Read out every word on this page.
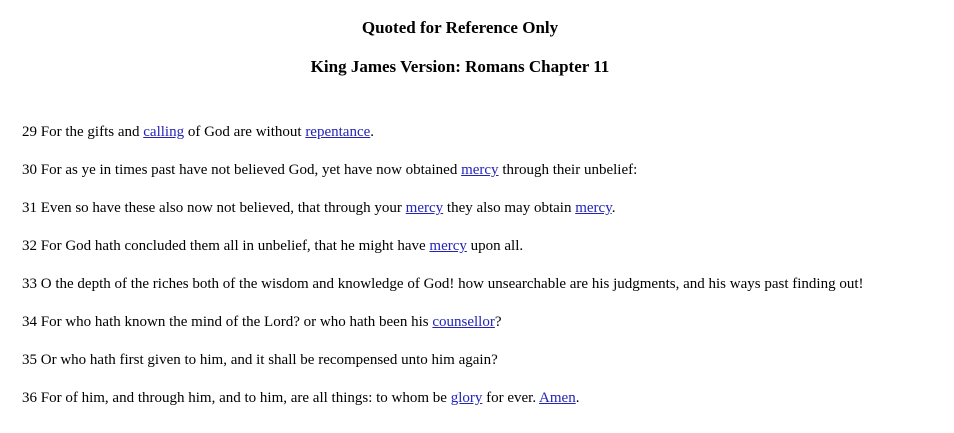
Quoted for Reference Only
King James Version: Romans Chapter 11
29 For the gifts and calling of God are without repentance.
30 For as ye in times past have not believed God, yet have now obtained mercy through their unbelief:
31 Even so have these also now not believed, that through your mercy they also may obtain mercy.
32 For God hath concluded them all in unbelief, that he might have mercy upon all.
33 O the depth of the riches both of the wisdom and knowledge of God! how unsearchable are his judgments, and his ways past finding out!
34 For who hath known the mind of the Lord? or who hath been his counsellor?
35 Or who hath first given to him, and it shall be recompensed unto him again?
36 For of him, and through him, and to him, are all things: to whom be glory for ever. Amen.
